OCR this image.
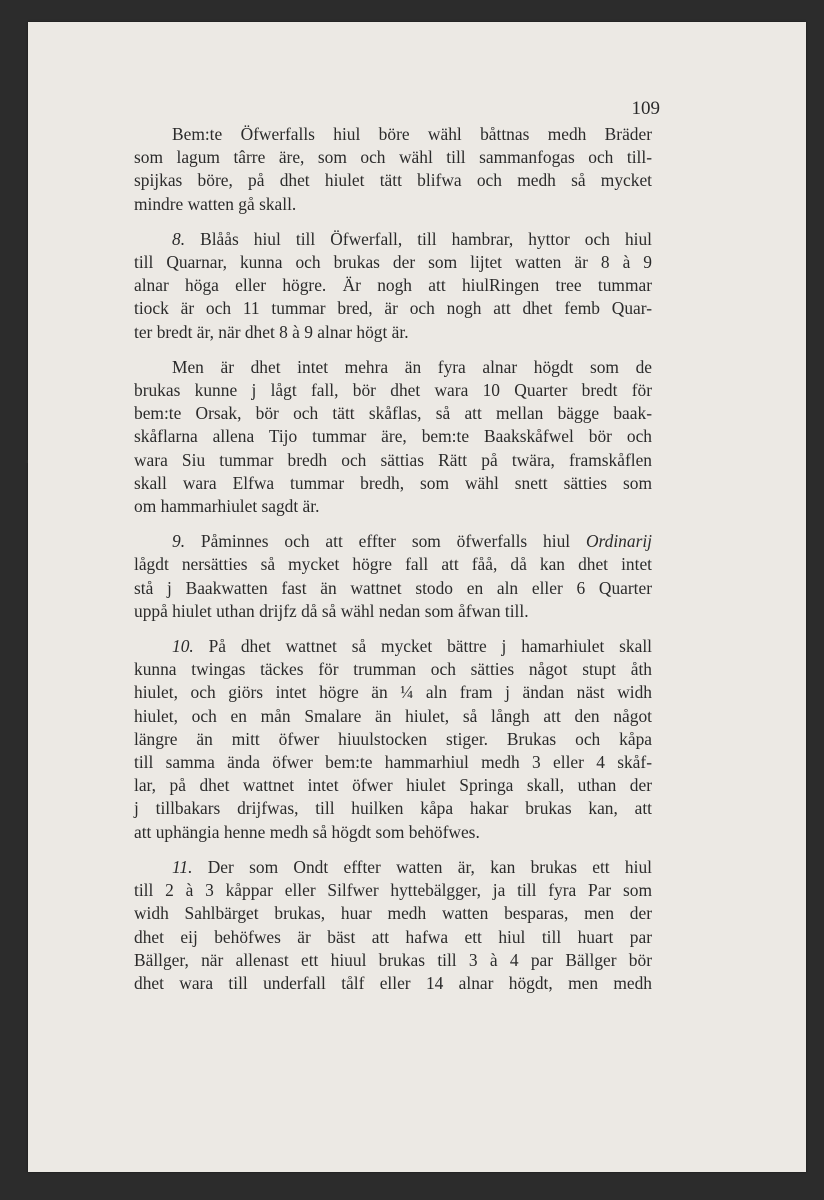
109
Bem:te Öfwerfalls hiul böre wähl båttnas medh Bräder
som lagum târre äre, som och wähl till sammanfogas och till-
spijkas böre, på dhet hiulet tätt blifwa och medh så mycket
mindre watten gå skall.
8. Blåås hiul till Öfwerfall, till hambrar, hyttor och hiul
till Quarnar, kunna och brukas der som lijtet watten är 8 à 9
alnar höga eller högre. Är nogh att hiulRingen tree tummar
tiock är och 11 tummar bred, är och nogh att dhet femb Quar-
ter bredt är, när dhet 8 à 9 alnar högt är.
Men är dhet intet mehra än fyra alnar högdt som de
brukas kunne j lågt fall, bör dhet wara 10 Quarter bredt för
bem:te Orsak, bör och tätt skåflas, så att mellan bägge baak-
skåflarna allena Tijo tummar äre, bem:te Baakskåfwel bör och
wara Siu tummar bredh och sättias Rätt på twära, framskåflen
skall wara Elfwa tummar bredh, som wähl snett sätties som
om hammarhiulet sagdt är.
9. Påminnes och att effter som öfwerfalls hiul Ordinarij
lågdt nersätties så mycket högre fall att fåå, då kan dhet intet
stå j Baakwatten fast än wattnet stodo en aln eller 6 Quarter
uppå hiulet uthan drijfz då så wähl nedan som åfwan till.
10. På dhet wattnet så mycket bättre j hamarhiulet skall
kunna twingas täckes för trumman och sätties något stupt åth
hiulet, och giörs intet högre än ¼ aln fram j ändan näst widh
hiulet, och en mån Smalare än hiulet, så långh att den något
längre än mitt öfwer hiuulstocken stiger. Brukas och kåpa
till samma ända öfwer bem:te hammarhiul medh 3 eller 4 skåf-
lar, på dhet wattnet intet öfwer hiulet Springa skall, uthan der
j tillbakars drijfwas, till huilken kåpa hakar brukas kan, att
att uphängia henne medh så högdt som behöfwes.
11. Der som Ondt effter watten är, kan brukas ett hiul
till 2 à 3 kåppar eller Silfwer hyttebälgger, ja till fyra Par som
widh Sahlbärget brukas, huar medh watten besparas, men der
dhet eij behöfwes är bäst att hafwa ett hiul till huart par
Bällger, när allenast ett hiuul brukas till 3 à 4 par Bällger bör
dhet wara till underfall tålf eller 14 alnar högdt, men medh
